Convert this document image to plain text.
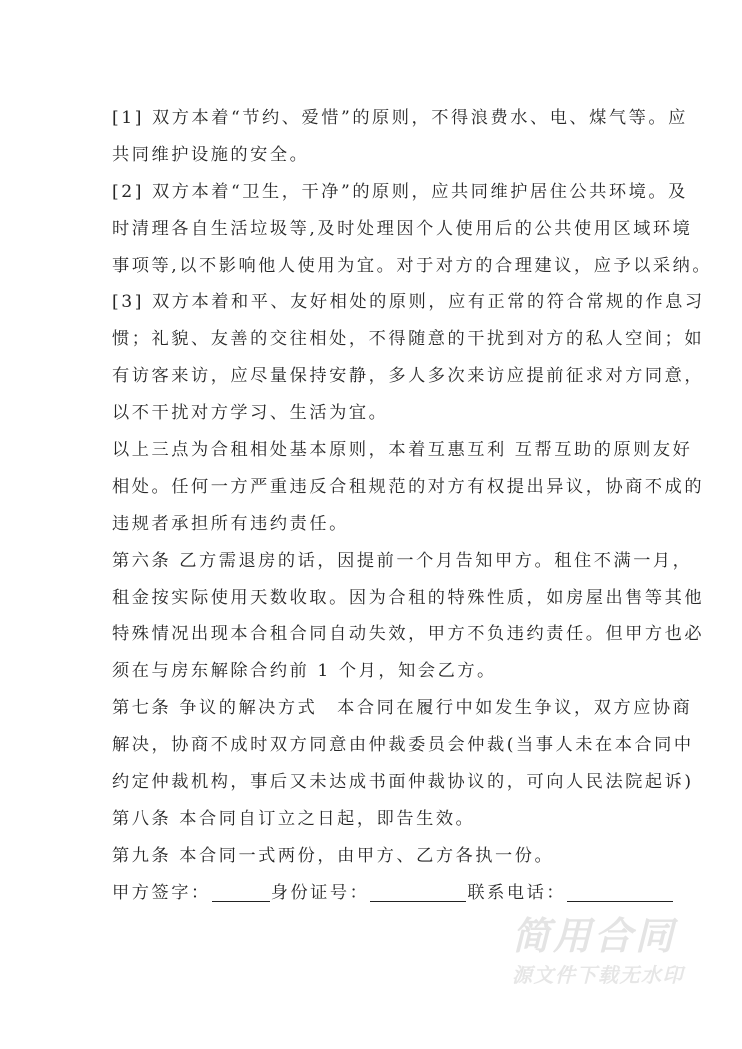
[1] 双方本着“节约、爱惜”的原则，不得浪费水、电、煤气等。应
共同维护设施的安全。
[2] 双方本着“卫生，干净”的原则，应共同维护居住公共环境。及
时清理各自生活垃圾等,及时处理因个人使用后的公共使用区域环境
事项等,以不影响他人使用为宜。对于对方的合理建议，应予以采纳。
[3] 双方本着和平、友好相处的原则，应有正常的符合常规的作息习
惯；礼貌、友善的交往相处，不得随意的干扰到对方的私人空间；如
有访客来访，应尽量保持安静，多人多次来访应提前征求对方同意，
以不干扰对方学习、生活为宜。
以上三点为合租相处基本原则，本着互惠互利 互帮互助的原则友好
相处。任何一方严重违反合租规范的对方有权提出异议，协商不成的
违规者承担所有违约责任。
第六条 乙方需退房的话，因提前一个月告知甲方。租住不满一月，
租金按实际使用天数收取。因为合租的特殊性质，如房屋出售等其他
特殊情况出现本合租合同自动失效，甲方不负违约责任。但甲方也必
须在与房东解除合约前 1 个月，知会乙方。
第七条 争议的解决方式　本合同在履行中如发生争议，双方应协商
解决，协商不成时双方同意由仲裁委员会仲裁(当事人未在本合同中
约定仲裁机构，事后又未达成书面仲裁协议的，可向人民法院起诉)
第八条 本合同自订立之日起，即告生效。
第九条 本合同一式两份，由甲方、乙方各执一份。
甲方签字：	身份证号：	联系电话：
简用合同
源文件下载无水印
